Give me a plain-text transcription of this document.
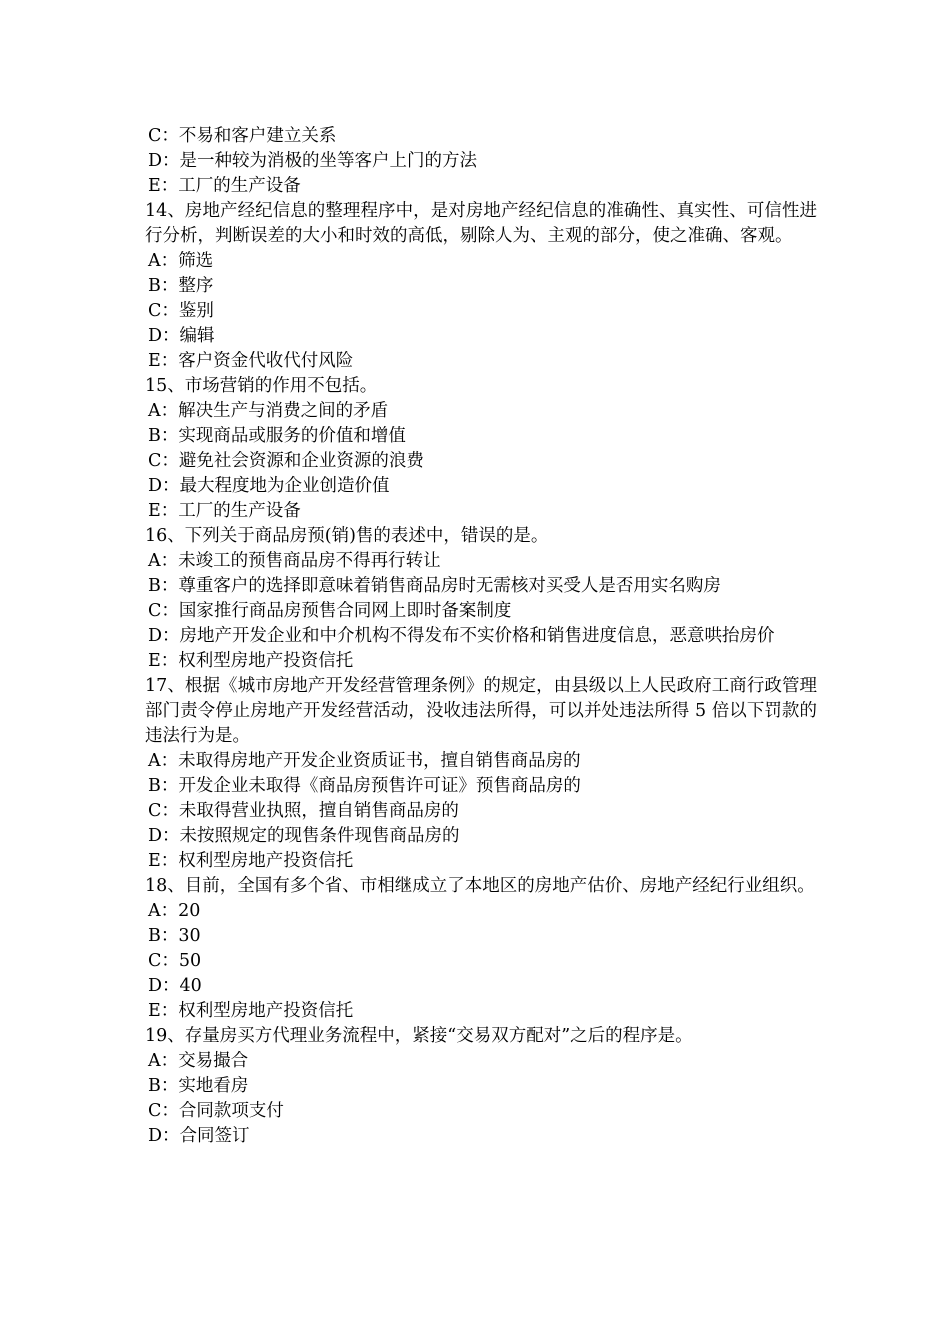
C：不易和客户建立关系
D：是一种较为消极的坐等客户上门的方法
E：工厂的生产设备
14、房地产经纪信息的整理程序中，是对房地产经纪信息的准确性、真实性、可信性进行分析，判断误差的大小和时效的高低，剔除人为、主观的部分，使之准确、客观。
A：筛选
B：整序
C：鉴别
D：编辑
E：客户资金代收代付风险
15、市场营销的作用不包括。
A：解决生产与消费之间的矛盾
B：实现商品或服务的价值和增值
C：避免社会资源和企业资源的浪费
D：最大程度地为企业创造价值
E：工厂的生产设备
16、下列关于商品房预(销)售的表述中，错误的是。
A：未竣工的预售商品房不得再行转让
B：尊重客户的选择即意味着销售商品房时无需核对买受人是否用实名购房
C：国家推行商品房预售合同网上即时备案制度
D：房地产开发企业和中介机构不得发布不实价格和销售进度信息，恶意哄抬房价
E：权利型房地产投资信托
17、根据《城市房地产开发经营管理条例》的规定，由县级以上人民政府工商行政管理部门责令停止房地产开发经营活动，没收违法所得，可以并处违法所得 5 倍以下罚款的违法行为是。
A：未取得房地产开发企业资质证书，擅自销售商品房的
B：开发企业未取得《商品房预售许可证》预售商品房的
C：未取得营业执照，擅自销售商品房的
D：未按照规定的现售条件现售商品房的
E：权利型房地产投资信托
18、目前，全国有多个省、市相继成立了本地区的房地产估价、房地产经纪行业组织。
A：20
B：30
C：50
D：40
E：权利型房地产投资信托
19、存量房买方代理业务流程中，紧接“交易双方配对”之后的程序是。
A：交易撮合
B：实地看房
C：合同款项支付
D：合同签订
